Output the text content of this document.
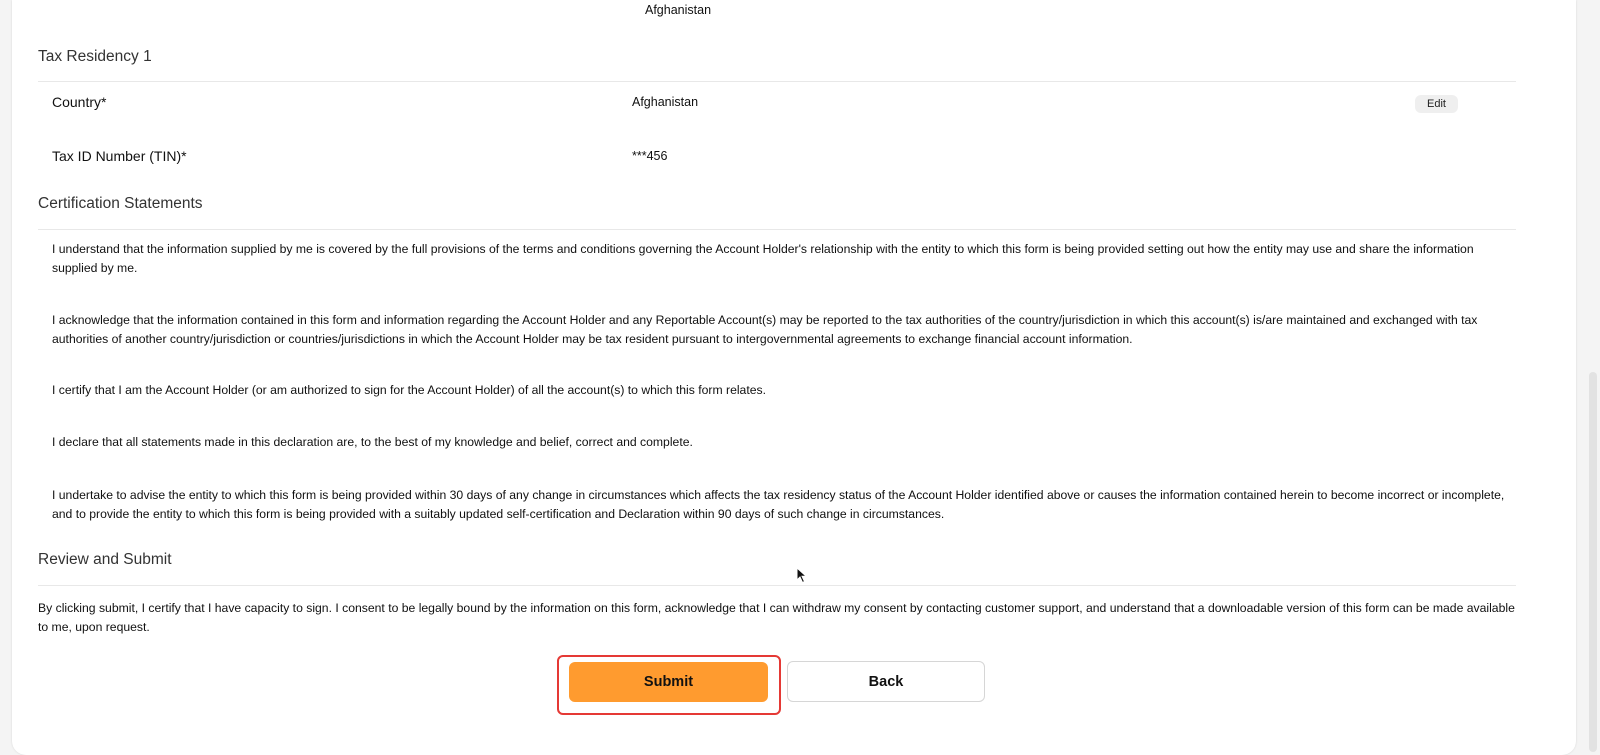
Afghanistan
Tax Residency 1
Country*	Afghanistan	Edit
Tax ID Number (TIN)*	***456
Certification Statements

I understand that the information supplied by me is covered by the full provisions of the terms and conditions governing the Account Holder's relationship with the entity to which this form is being provided setting out how the entity may use and share the information supplied by me.

I acknowledge that the information contained in this form and information regarding the Account Holder and any Reportable Account(s) may be reported to the tax authorities of the country/jurisdiction in which this account(s) is/are maintained and exchanged with tax authorities of another country/jurisdiction or countries/jurisdictions in which the Account Holder may be tax resident pursuant to intergovernmental agreements to exchange financial account information.

I certify that I am the Account Holder (or am authorized to sign for the Account Holder) of all the account(s) to which this form relates.

I declare that all statements made in this declaration are, to the best of my knowledge and belief, correct and complete.

I undertake to advise the entity to which this form is being provided within 30 days of any change in circumstances which affects the tax residency status of the Account Holder identified above or causes the information contained herein to become incorrect or incomplete, and to provide the entity to which this form is being provided with a suitably updated self-certification and Declaration within 90 days of such change in circumstances.

Review and Submit

By clicking submit, I certify that I have capacity to sign. I consent to be legally bound by the information on this form, acknowledge that I can withdraw my consent by contacting customer support, and understand that a downloadable version of this form can be made available to me, upon request.

Submit	Back
